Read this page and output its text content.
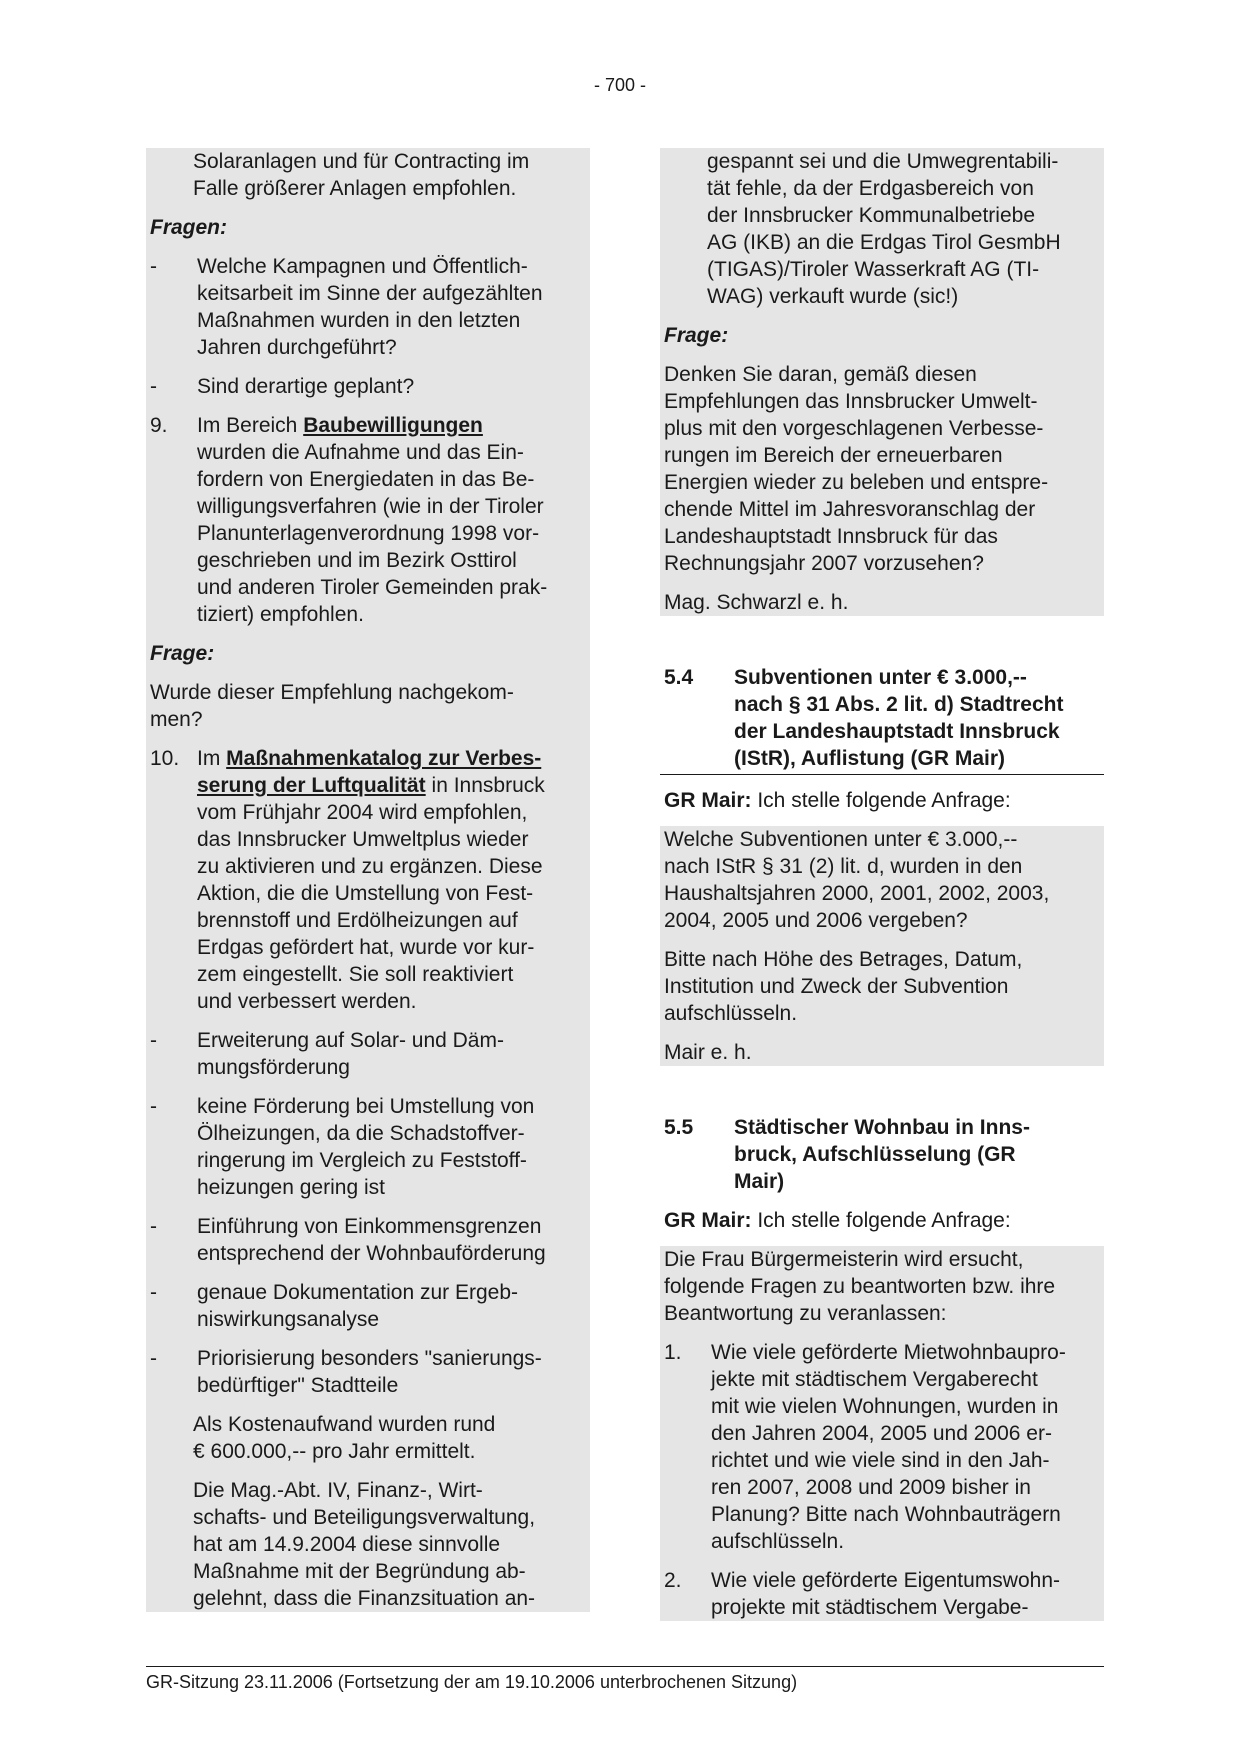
- 700 -
Solaranlagen und für Contracting im
Falle größerer Anlagen empfohlen.
Fragen:
-	Welche Kampagnen und Öffentlich-
keitsarbeit im Sinne der aufgezählten
Maßnahmen wurden in den letzten
Jahren durchgeführt?
-	Sind derartige geplant?
9.	Im Bereich Baubewilligungen
wurden die Aufnahme und das Ein-
fordern von Energiedaten in das Be-
willigungsverfahren (wie in der Tiroler
Planunterlagenverordnung 1998 vor-
geschrieben und im Bezirk Osttirol
und anderen Tiroler Gemeinden prak-
tiziert) empfohlen.
Frage:
Wurde dieser Empfehlung nachgekom-
men?
10. Im Maßnahmenkatalog zur Verbes-
serung der Luftqualität in Innsbruck
vom Frühjahr 2004 wird empfohlen,
das Innsbrucker Umweltplus wieder
zu aktivieren und zu ergänzen. Diese
Aktion, die die Umstellung von Fest-
brennstoff und Erdölheizungen auf
Erdgas gefördert hat, wurde vor kur-
zem eingestellt. Sie soll reaktiviert
und verbessert werden.
-	Erweiterung auf Solar- und Däm-
mungsförderung
-	keine Förderung bei Umstellung von
Ölheizungen, da die Schadstoffver-
ringerung im Vergleich zu Feststoff-
heizungen gering ist
-	Einführung von Einkommensgrenzen
entsprechend der Wohnbauförderung
-	genaue Dokumentation zur Ergeb-
niswirkungsanalyse
-	Priorisierung besonders "sanierungs-
bedürftiger" Stadtteile
Als Kostenaufwand wurden rund
€ 600.000,-- pro Jahr ermittelt.
Die Mag.-Abt. IV, Finanz-, Wirt-
schafts- und Beteiligungsverwaltung,
hat am 14.9.2004 diese sinnvolle
Maßnahme mit der Begründung ab-
gelehnt, dass die Finanzsituation an-
gespannt sei und die Umwegrentabili-
tät fehle, da der Erdgasbereich von
der Innsbrucker Kommunalbetriebe
AG (IKB) an die Erdgas Tirol GesmbH
(TIGAS)/Tiroler Wasserkraft AG (TI-
WAG) verkauft wurde (sic!)
Frage:
Denken Sie daran, gemäß diesen
Empfehlungen das Innsbrucker Umwelt-
plus mit den vorgeschlagenen Verbesse-
rungen im Bereich der erneuerbaren
Energien wieder zu beleben und entspre-
chende Mittel im Jahresvoranschlag der
Landeshauptstadt Innsbruck für das
Rechnungsjahr 2007 vorzusehen?
Mag. Schwarzl e. h.
5.4	Subventionen unter € 3.000,--
nach § 31 Abs. 2 lit. d) Stadtrecht
der Landeshauptstadt Innsbruck
(IStR), Auflistung (GR Mair)
GR Mair: Ich stelle folgende Anfrage:
Welche Subventionen unter € 3.000,--
nach IStR § 31 (2) lit. d, wurden in den
Haushaltsjahren 2000, 2001, 2002, 2003,
2004, 2005 und 2006 vergeben?
Bitte nach Höhe des Betrages, Datum,
Institution und Zweck der Subvention
aufschlüsseln.
Mair e. h.
5.5	Städtischer Wohnbau in Inns-
bruck, Aufschlüsselung (GR
Mair)
GR Mair: Ich stelle folgende Anfrage:
Die Frau Bürgermeisterin wird ersucht,
folgende Fragen zu beantworten bzw. ihre
Beantwortung zu veranlassen:
1.	Wie viele geförderte Mietwohnbaupro-
jekte mit städtischem Vergaberecht
mit wie vielen Wohnungen, wurden in
den Jahren 2004, 2005 und 2006 er-
richtet und wie viele sind in den Jah-
ren 2007, 2008 und 2009 bisher in
Planung? Bitte nach Wohnbauträgern
aufschlüsseln.
2.	Wie viele geförderte Eigentumswohn-
projekte mit städtischem Vergabe-
GR-Sitzung 23.11.2006 (Fortsetzung der am 19.10.2006 unterbrochenen Sitzung)
